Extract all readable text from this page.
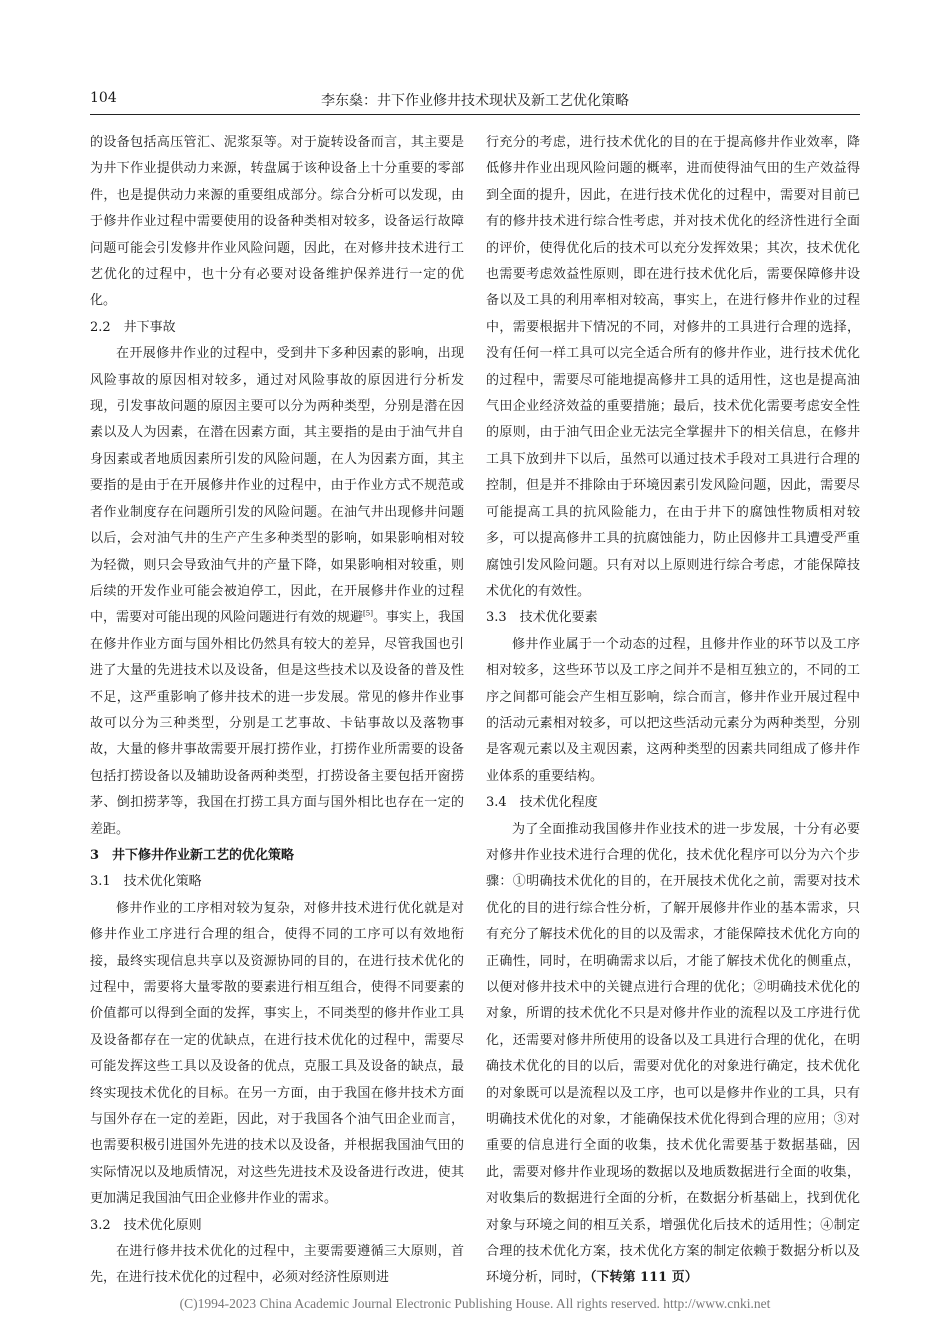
104	李东燊：井下作业修井技术现状及新工艺优化策略

的设备包括高压管汇、泥浆泵等。对于旋转设备而言，其主要是为井下作业提供动力来源，转盘属于该种设备上十分重要的零部件，也是提供动力来源的重要组成部分。综合分析可以发现，由于修井作业过程中需要使用的设备种类相对较多，设备运行故障问题可能会引发修井作业风险问题，因此，在对修井技术进行工艺优化的过程中，也十分有必要对设备维护保养进行一定的优化。

2.2　井下事故

在开展修井作业的过程中，受到井下多种因素的影响，出现风险事故的原因相对较多，通过对风险事故的原因进行分析发现，引发事故问题的原因主要可以分为两种类型，分别是潜在因素以及人为因素，在潜在因素方面，其主要指的是由于油气井自身因素或者地质因素所引发的风险问题，在人为因素方面，其主要指的是由于在开展修井作业的过程中，由于作业方式不规范或者作业制度存在问题所引发的风险问题。在油气井出现修井问题以后，会对油气井的生产产生多种类型的影响，如果影响相对较为轻微，则只会导致油气井的产量下降，如果影响相对较重，则后续的开发作业可能会被迫停工，因此，在开展修井作业的过程中，需要对可能出现的风险问题进行有效的规避[5]。事实上，我国在修井作业方面与国外相比仍然具有较大的差异，尽管我国也引进了大量的先进技术以及设备，但是这些技术以及设备的普及性不足，这严重影响了修井技术的进一步发展。常见的修井作业事故可以分为三种类型，分别是工艺事故、卡钻事故以及落物事故，大量的修井事故需要开展打捞作业，打捞作业所需要的设备包括打捞设备以及辅助设备两种类型，打捞设备主要包括开窗捞茅、倒扣捞茅等，我国在打捞工具方面与国外相比也存在一定的差距。

3　井下修井作业新工艺的优化策略

3.1　技术优化策略

修井作业的工序相对较为复杂，对修井技术进行优化就是对修井作业工序进行合理的组合，使得不同的工序可以有效地衔接，最终实现信息共享以及资源协同的目的，在进行技术优化的过程中，需要将大量零散的要素进行相互组合，使得不同要素的价值都可以得到全面的发挥，事实上，不同类型的修井作业工具及设备都存在一定的优缺点，在进行技术优化的过程中，需要尽可能发挥这些工具以及设备的优点，克服工具及设备的缺点，最终实现技术优化的目标。在另一方面，由于我国在修井技术方面与国外存在一定的差距，因此，对于我国各个油气田企业而言，也需要积极引进国外先进的技术以及设备，并根据我国油气田的实际情况以及地质情况，对这些先进技术及设备进行改进，使其更加满足我国油气田企业修井作业的需求。

3.2　技术优化原则

在进行修井技术优化的过程中，主要需要遵循三大原则，首先，在进行技术优化的过程中，必须对经济性原则进

行充分的考虑，进行技术优化的目的在于提高修井作业效率，降低修井作业出现风险问题的概率，进而使得油气田的生产效益得到全面的提升，因此，在进行技术优化的过程中，需要对目前已有的修井技术进行综合性考虑，并对技术优化的经济性进行全面的评价，使得优化后的技术可以充分发挥效果；其次，技术优化也需要考虑效益性原则，即在进行技术优化后，需要保障修井设备以及工具的利用率相对较高，事实上，在进行修井作业的过程中，需要根据井下情况的不同，对修井的工具进行合理的选择，没有任何一样工具可以完全适合所有的修井作业，进行技术优化的过程中，需要尽可能地提高修井工具的适用性，这也是提高油气田企业经济效益的重要措施；最后，技术优化需要考虑安全性的原则，由于油气田企业无法完全掌握井下的相关信息，在修井工具下放到井下以后，虽然可以通过技术手段对工具进行合理的控制，但是并不排除由于环境因素引发风险问题，因此，需要尽可能提高工具的抗风险能力，在由于井下的腐蚀性物质相对较多，可以提高修井工具的抗腐蚀能力，防止因修井工具遭受严重腐蚀引发风险问题。只有对以上原则进行综合考虑，才能保障技术优化的有效性。

3.3　技术优化要素

修井作业属于一个动态的过程，且修井作业的环节以及工序相对较多，这些环节以及工序之间并不是相互独立的，不同的工序之间都可能会产生相互影响，综合而言，修井作业开展过程中的活动元素相对较多，可以把这些活动元素分为两种类型，分别是客观元素以及主观因素，这两种类型的因素共同组成了修井作业体系的重要结构。

3.4　技术优化程度

为了全面推动我国修井作业技术的进一步发展，十分有必要对修井作业技术进行合理的优化，技术优化程序可以分为六个步骤：①明确技术优化的目的，在开展技术优化之前，需要对技术优化的目的进行综合性分析，了解开展修井作业的基本需求，只有充分了解技术优化的目的以及需求，才能保障技术优化方向的正确性，同时，在明确需求以后，才能了解技术优化的侧重点，以便对修井技术中的关键点进行合理的优化；②明确技术优化的对象，所谓的技术优化不只是对修井作业的流程以及工序进行优化，还需要对修井所使用的设备以及工具进行合理的优化，在明确技术优化的目的以后，需要对优化的对象进行确定，技术优化的对象既可以是流程以及工序，也可以是修井作业的工具，只有明确技术优化的对象，才能确保技术优化得到合理的应用；③对重要的信息进行全面的收集，技术优化需要基于数据基础，因此，需要对修井作业现场的数据以及地质数据进行全面的收集，对收集后的数据进行全面的分析，在数据分析基础上，找到优化对象与环境之间的相互关系，增强优化后技术的适用性；④制定合理的技术优化方案，技术优化方案的制定依赖于数据分析以及环境分析，同时，（下转第 111 页）

(C)1994-2023 China Academic Journal Electronic Publishing House. All rights reserved. http://www.cnki.net
